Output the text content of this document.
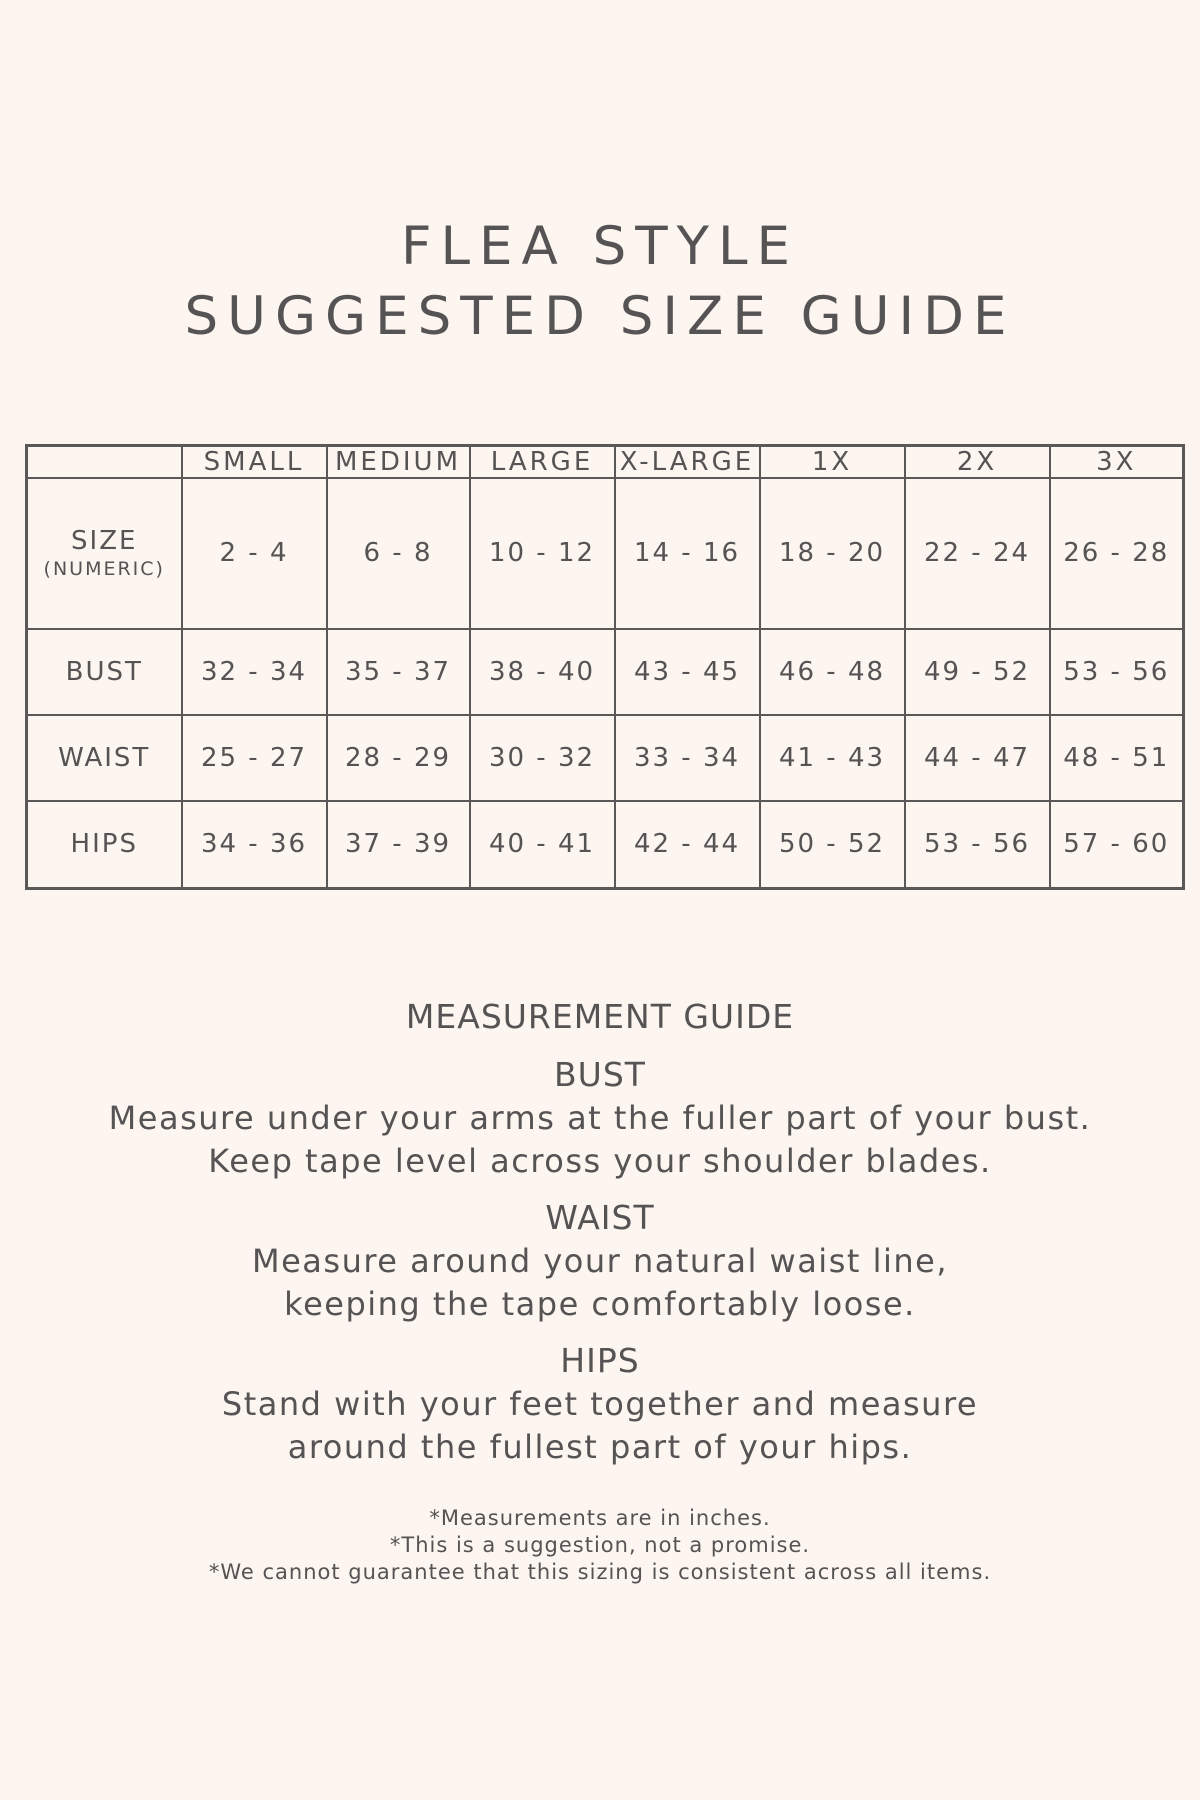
FLEA STYLE
SUGGESTED SIZE GUIDE
	SMALL	MEDIUM	LARGE	X-LARGE	1X	2X	3X
SIZE
(NUMERIC)	2 - 4	6 - 8	10 - 12	14 - 16	18 - 20	22 - 24	26 - 28
BUST	32 - 34	35 - 37	38 - 40	43 - 45	46 - 48	49 - 52	53 - 56
WAIST	25 - 27	28 - 29	30 - 32	33 - 34	41 - 43	44 - 47	48 - 51
HIPS	34 - 36	37 - 39	40 - 41	42 - 44	50 - 52	53 - 56	57 - 60
MEASUREMENT GUIDE
BUST

Measure under your arms at the fuller part of your bust.
Keep tape level across your shoulder blades.

WAIST

Measure around your natural waist line,
keeping the tape comfortably loose.

HIPS

Stand with your feet together and measure
around the fullest part of your hips.

*Measurements are in inches.
*This is a suggestion, not a promise.
*We cannot guarantee that this sizing is consistent across all items.
